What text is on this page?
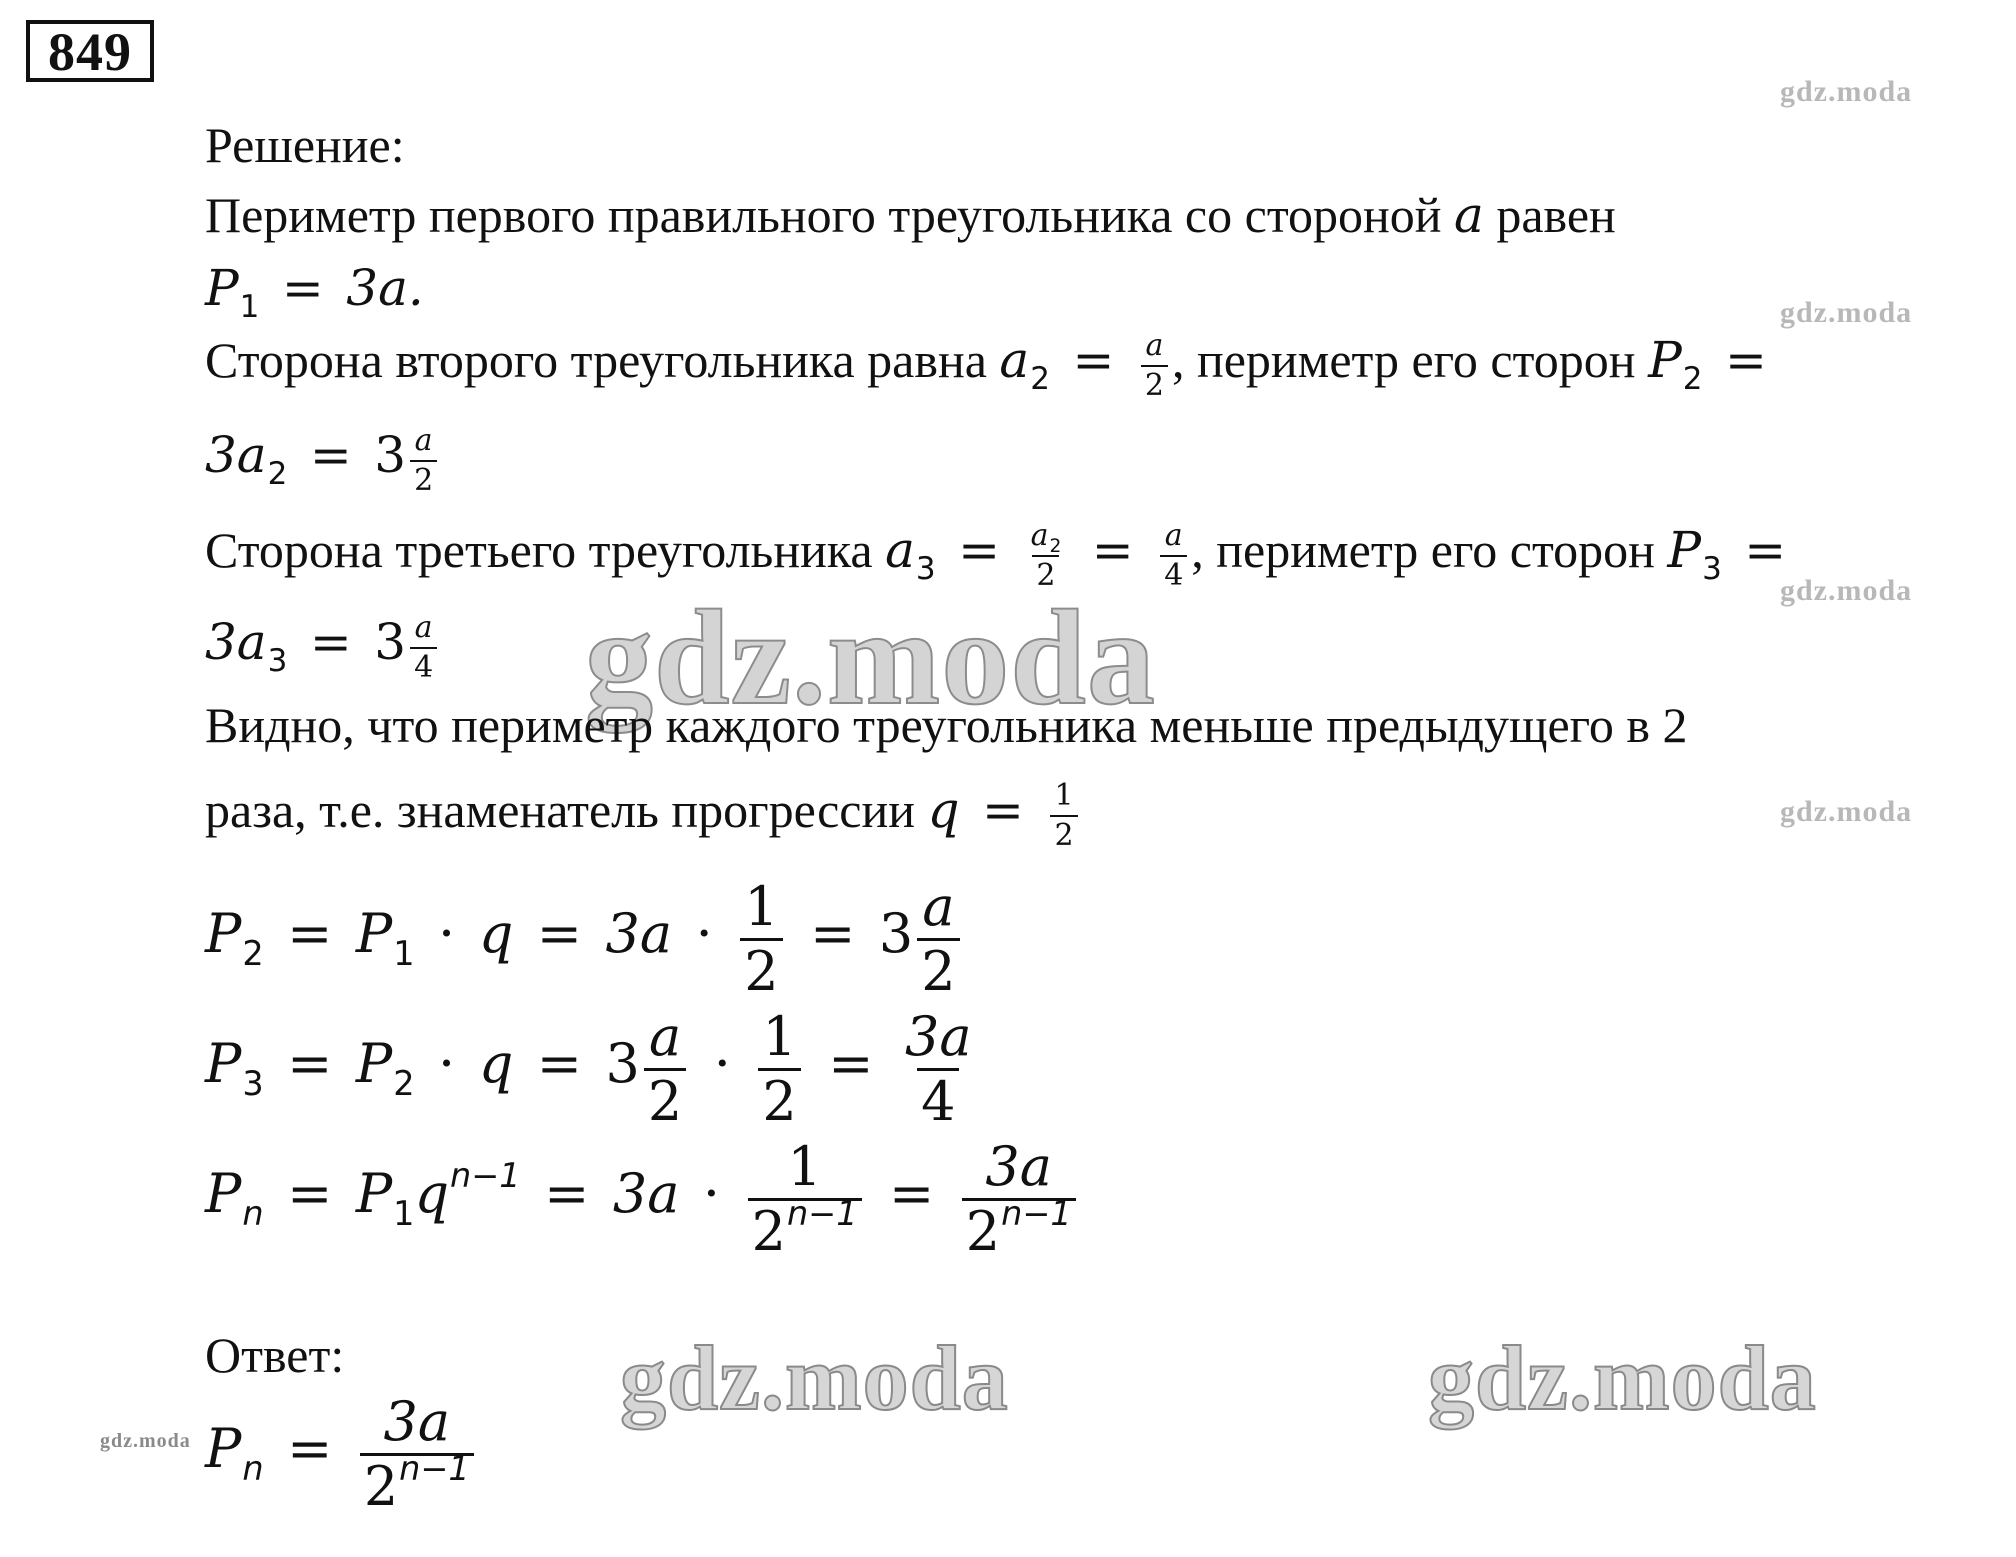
849
gdz.moda
gdz.moda
gdz.moda
gdz.moda
gdz.moda
gdz.moda	gdz.moda
gdz.moda
Решение:
Периметр первого правильного треугольника со стороной a равен
$P_1 = 3a$.
Сторона второго треугольника равна $a_2 = \frac{a}{2}$ , периметр его сторон $P_2$ =
$3a_2 = 3 \frac{a}{2}$
Сторона третьего треугольника $a_3 = \frac{a_2}{2} = \frac{a}{4}$ , периметр его сторон $P_3$ =
$3a_3 = 3 \frac{a}{4}$
Видно, что периметр каждого треугольника меньше предыдущего в 2
раза, т.е. знаменатель прогрессии $q = \frac{1}{2}$
$P_2 = P_1 \cdot q = 3a \cdot \frac{1}{2} = 3 \frac{a}{2}$
$P_3 = P_2 \cdot q = 3 \frac{a}{2} \cdot \frac{1}{2} = \frac{3a}{4}$
$P_n = P_1q^{n-1} = 3a \cdot \frac{1}{2^{n-1}} = \frac{3a}{2^{n-1}}$
Ответ:
$P_n = \frac{3a}{2^{n-1}}$
